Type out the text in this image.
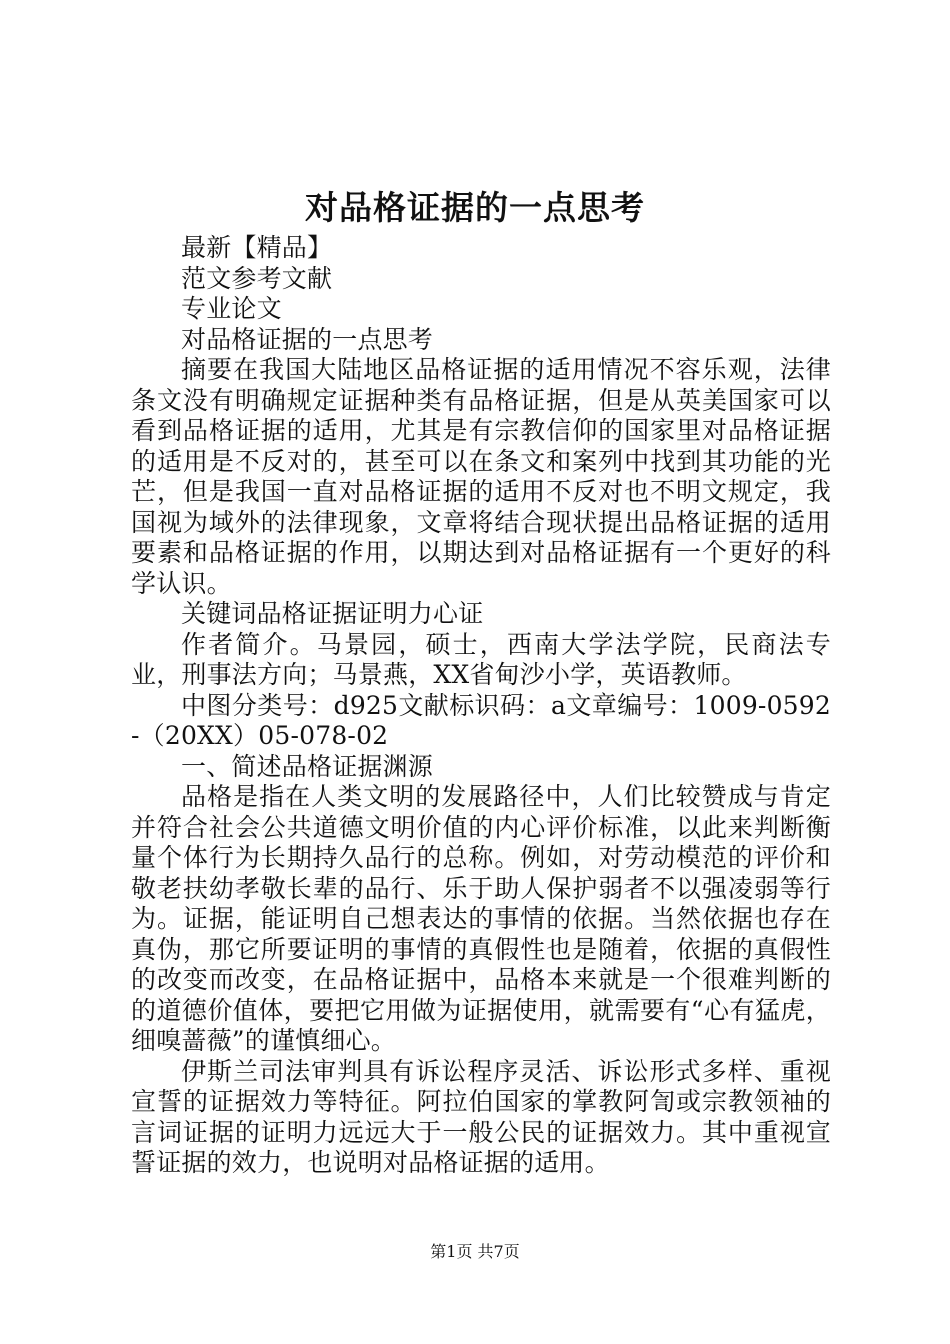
对品格证据的一点思考

最新【精品】

范文参考文献

专业论文

对品格证据的一点思考

摘要在我国大陆地区品格证据的适用情况不容乐观，法律条文没有明确规定证据种类有品格证据，但是从英美国家可以看到品格证据的适用，尤其是有宗教信仰的国家里对品格证据的适用是不反对的，甚至可以在条文和案列中找到其功能的光芒，但是我国一直对品格证据的适用不反对也不明文规定，我国视为域外的法律现象，文章将结合现状提出品格证据的适用要素和品格证据的作用，以期达到对品格证据有一个更好的科学认识。

关键词品格证据证明力心证

作者简介。马景园，硕士，西南大学法学院，民商法专业，刑事法方向；马景燕，XX省甸沙小学，英语教师。

中图分类号：d925文献标识码：a文章编号：1009-0592-（20XX）05-078-02

一、简述品格证据渊源

品格是指在人类文明的发展路径中，人们比较赞成与肯定并符合社会公共道德文明价值的内心评价标准，以此来判断衡量个体行为长期持久品行的总称。例如，对劳动模范的评价和敬老扶幼孝敬长辈的品行、乐于助人保护弱者不以强凌弱等行为。证据，能证明自己想表达的事情的依据。当然依据也存在真伪，那它所要证明的事情的真假性也是随着，依据的真假性的改变而改变，在品格证据中，品格本来就是一个很难判断的的道德价值体，要把它用做为证据使用，就需要有“心有猛虎，细嗅蔷薇”的谨慎细心。

伊斯兰司法审判具有诉讼程序灵活、诉讼形式多样、重视宣誓的证据效力等特征。阿拉伯国家的掌教阿訇或宗教领袖的言词证据的证明力远远大于一般公民的证据效力。其中重视宣誓证据的效力，也说明对品格证据的适用。

第1页 共7页
